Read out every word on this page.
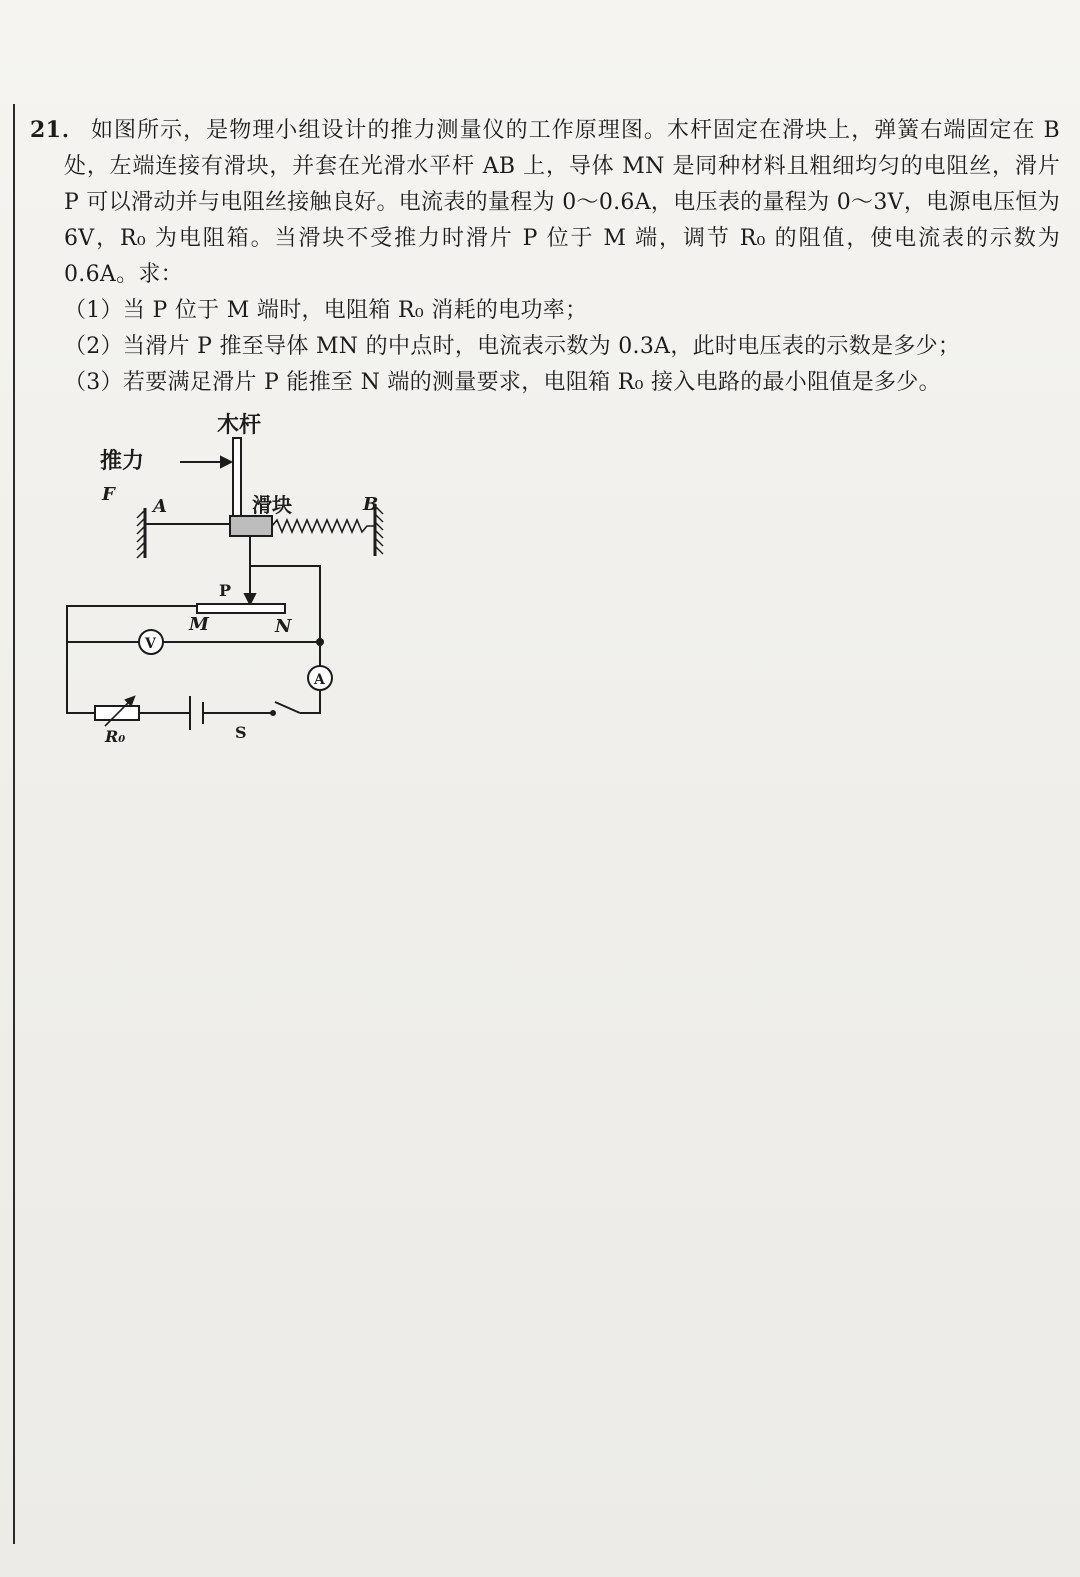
21． 如图所示，是物理小组设计的推力测量仪的工作原理图。木杆固定在滑块上，弹簧右端固定在 B 处，左端连接有滑块，并套在光滑水平杆 AB 上，导体 MN 是同种材料且粗细均匀的电阻丝，滑片 P 可以滑动并与电阻丝接触良好。电流表的量程为 0～0.6A，电压表的量程为 0～3V，电源电压恒为 6V，R₀ 为电阻箱。当滑块不受推力时滑片 P 位于 M 端，调节 R₀ 的阻值，使电流表的示数为 0.6A。求：

（1）当 P 位于 M 端时，电阻箱 R₀ 消耗的电功率；
（2）当滑片 P 推至导体 MN 的中点时，电流表示数为 0.3A，此时电压表的示数是多少；
（3）若要满足滑片 P 能推至 N 端的测量要求，电阻箱 R₀ 接入电路的最小阻值是多少。
木杆
推力
滑块
F
A	B
M	N
R₀
P
V
A
S
